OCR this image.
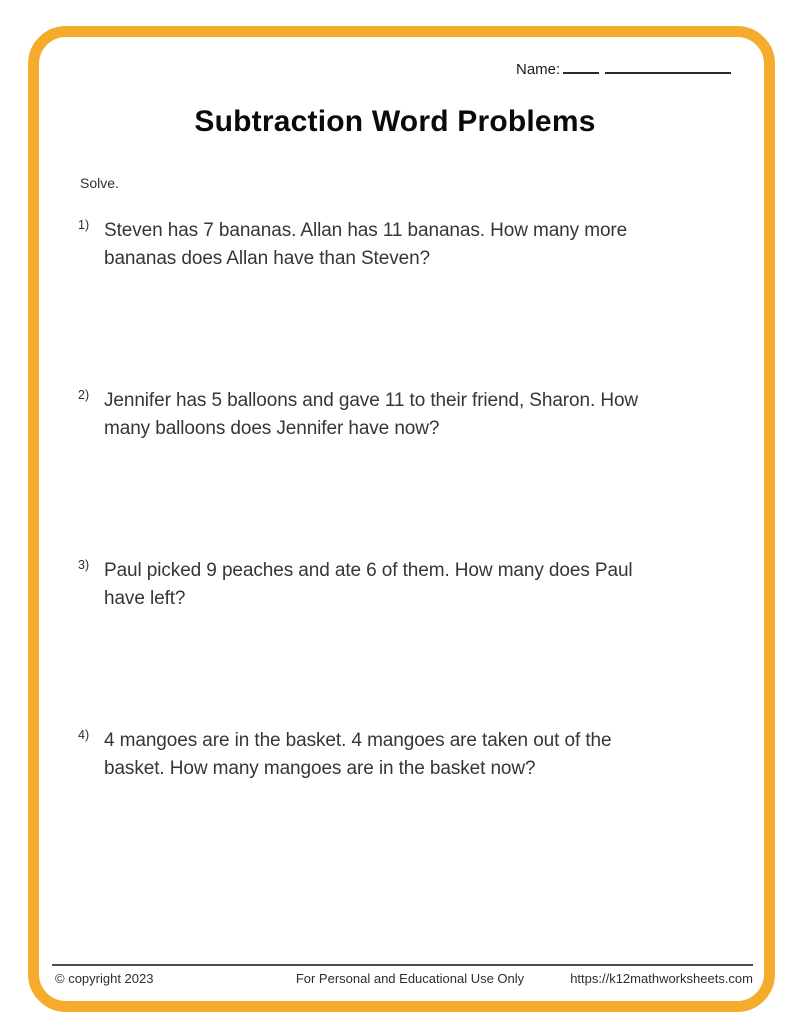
Name:
Subtraction Word Problems
Solve.
1) Steven has 7 bananas. Allan has 11 bananas. How many more
bananas does Allan have than Steven?
2) Jennifer has 5 balloons and gave 11 to their friend, Sharon. How
many balloons does Jennifer have now?
3) Paul picked 9 peaches and ate 6 of them. How many does Paul
have left?
4) 4 mangoes are in the basket. 4 mangoes are taken out of the
basket. How many mangoes are in the basket now?
© copyright 2023	For Personal and Educational Use Only	https://k12mathworksheets.com
